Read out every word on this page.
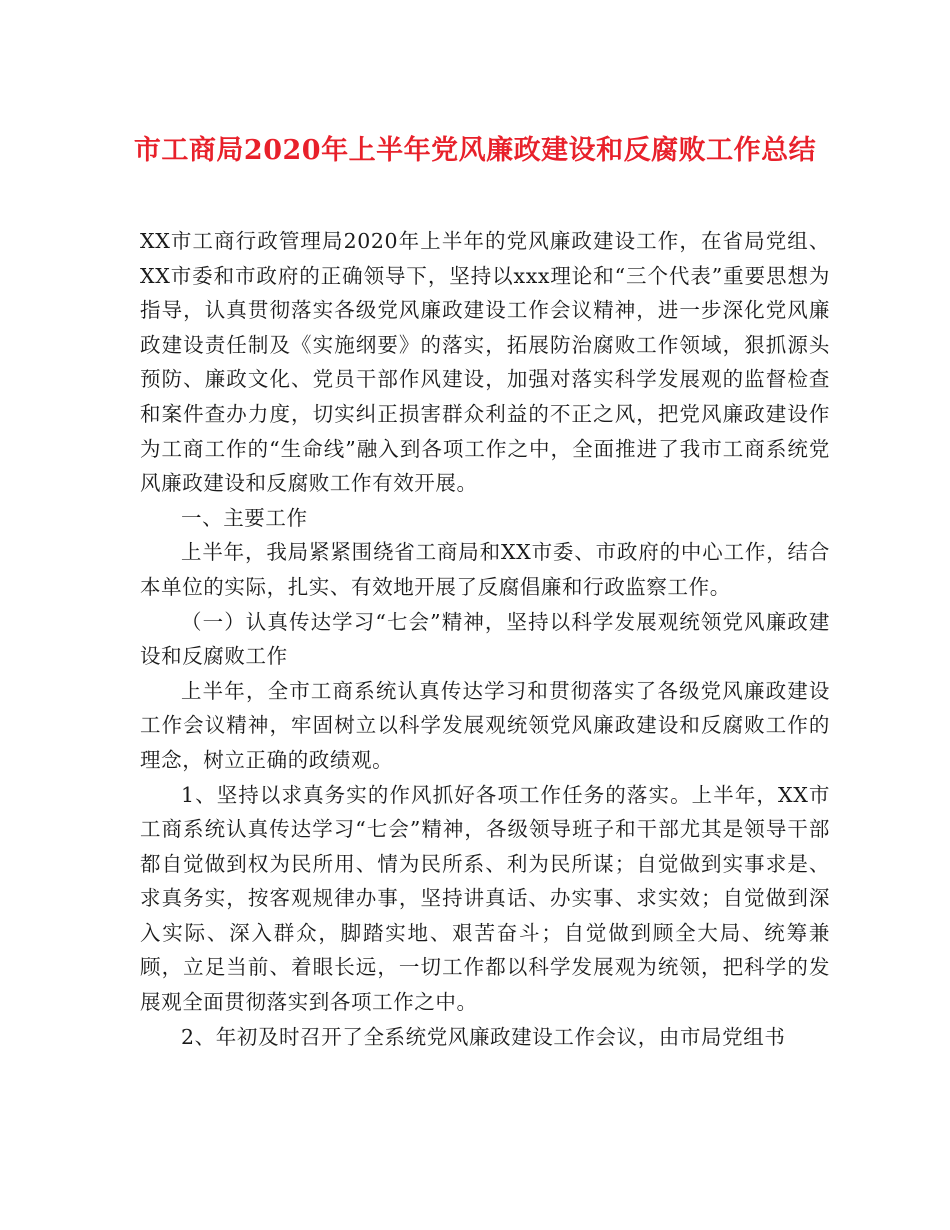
市工商局2020年上半年党风廉政建设和反腐败工作总结

XX市工商行政管理局2020年上半年的党风廉政建设工作，在省局党组、XX市委和市政府的正确领导下，坚持以xxx理论和“三个代表”重要思想为指导，认真贯彻落实各级党风廉政建设工作会议精神，进一步深化党风廉政建设责任制及《实施纲要》的落实，拓展防治腐败工作领域，狠抓源头预防、廉政文化、党员干部作风建设，加强对落实科学发展观的监督检查和案件查办力度，切实纠正损害群众利益的不正之风，把党风廉政建设作为工商工作的“生命线”融入到各项工作之中，全面推进了我市工商系统党风廉政建设和反腐败工作有效开展。

一、主要工作

上半年，我局紧紧围绕省工商局和XX市委、市政府的中心工作，结合本单位的实际，扎实、有效地开展了反腐倡廉和行政监察工作。

（一）认真传达学习“七会”精神，坚持以科学发展观统领党风廉政建设和反腐败工作

上半年，全市工商系统认真传达学习和贯彻落实了各级党风廉政建设工作会议精神，牢固树立以科学发展观统领党风廉政建设和反腐败工作的理念，树立正确的政绩观。

1、坚持以求真务实的作风抓好各项工作任务的落实。上半年，XX市工商系统认真传达学习“七会”精神，各级领导班子和干部尤其是领导干部都自觉做到权为民所用、情为民所系、利为民所谋；自觉做到实事求是、求真务实，按客观规律办事，坚持讲真话、办实事、求实效；自觉做到深入实际、深入群众，脚踏实地、艰苦奋斗；自觉做到顾全大局、统筹兼顾，立足当前、着眼长远，一切工作都以科学发展观为统领，把科学的发展观全面贯彻落实到各项工作之中。

2、年初及时召开了全系统党风廉政建设工作会议，由市局党组书
